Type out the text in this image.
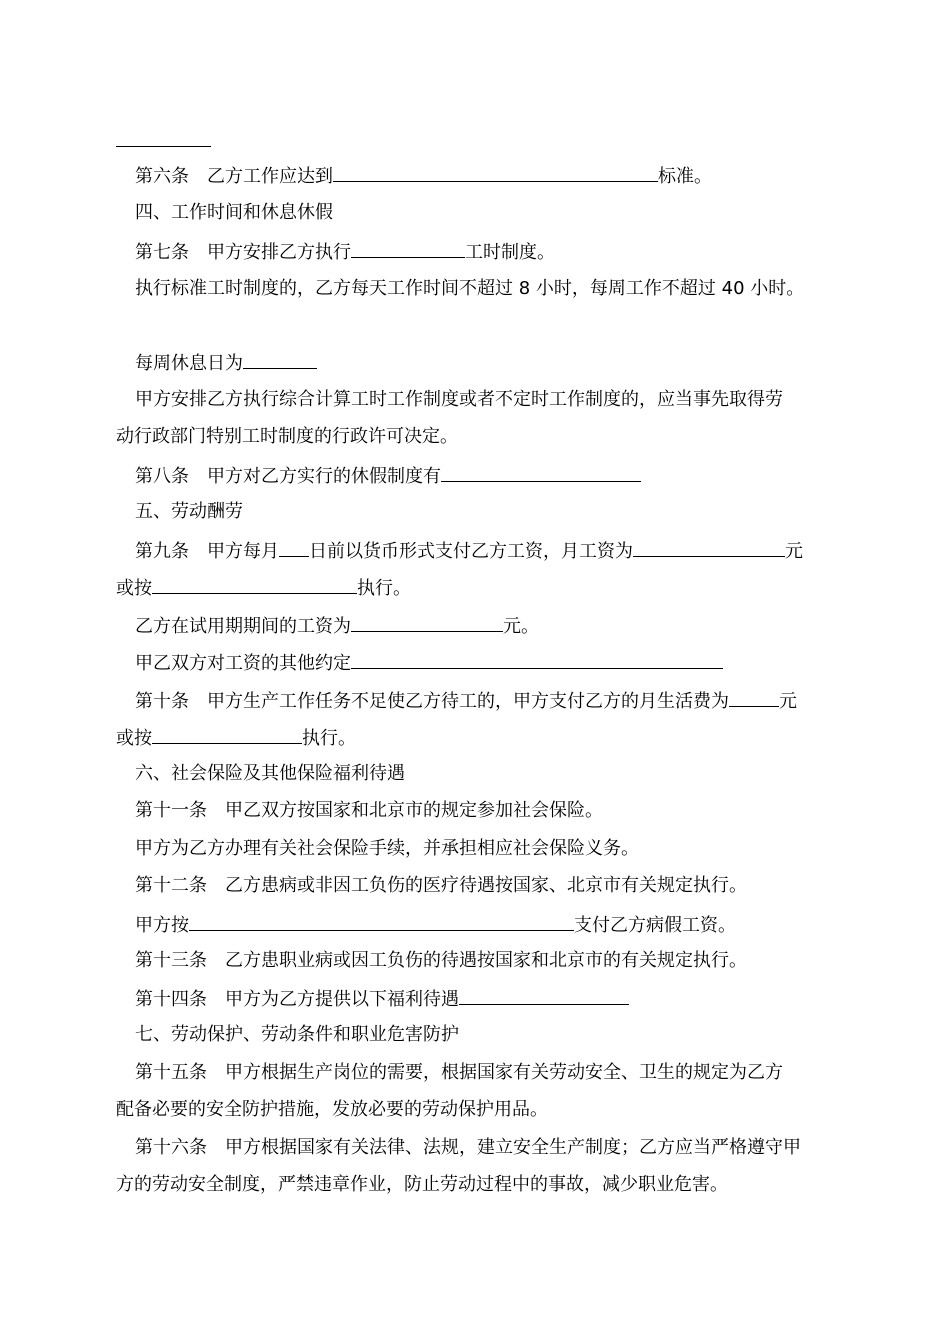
第六条　乙方工作应达到	标准。
四、工作时间和休息休假
第七条　甲方安排乙方执行	工时制度。
执行标准工时制度的，乙方每天工作时间不超过 8 小时，每周工作不超过 40 小时。
每周休息日为
甲方安排乙方执行综合计算工时工作制度或者不定时工作制度的，应当事先取得劳
动行政部门特别工时制度的行政许可决定。
第八条　甲方对乙方实行的休假制度有
五、劳动酬劳
第九条　甲方每月 日前以货币形式支付乙方工资，月工资为	元
或按	执行。
乙方在试用期期间的工资为	元。
甲乙双方对工资的其他约定
第十条　甲方生产工作任务不足使乙方待工的，甲方支付乙方的月生活费为	元
或按	执行。
六、社会保险及其他保险福利待遇
第十一条　甲乙双方按国家和北京市的规定参加社会保险。
甲方为乙方办理有关社会保险手续，并承担相应社会保险义务。
第十二条　乙方患病或非因工负伤的医疗待遇按国家、北京市有关规定执行。
甲方按	支付乙方病假工资。
第十三条　乙方患职业病或因工负伤的待遇按国家和北京市的有关规定执行。
第十四条　甲方为乙方提供以下福利待遇
七、劳动保护、劳动条件和职业危害防护
第十五条　甲方根据生产岗位的需要，根据国家有关劳动安全、卫生的规定为乙方
配备必要的安全防护措施，发放必要的劳动保护用品。
第十六条　甲方根据国家有关法律、法规，建立安全生产制度；乙方应当严格遵守甲
方的劳动安全制度，严禁违章作业，防止劳动过程中的事故，减少职业危害。
